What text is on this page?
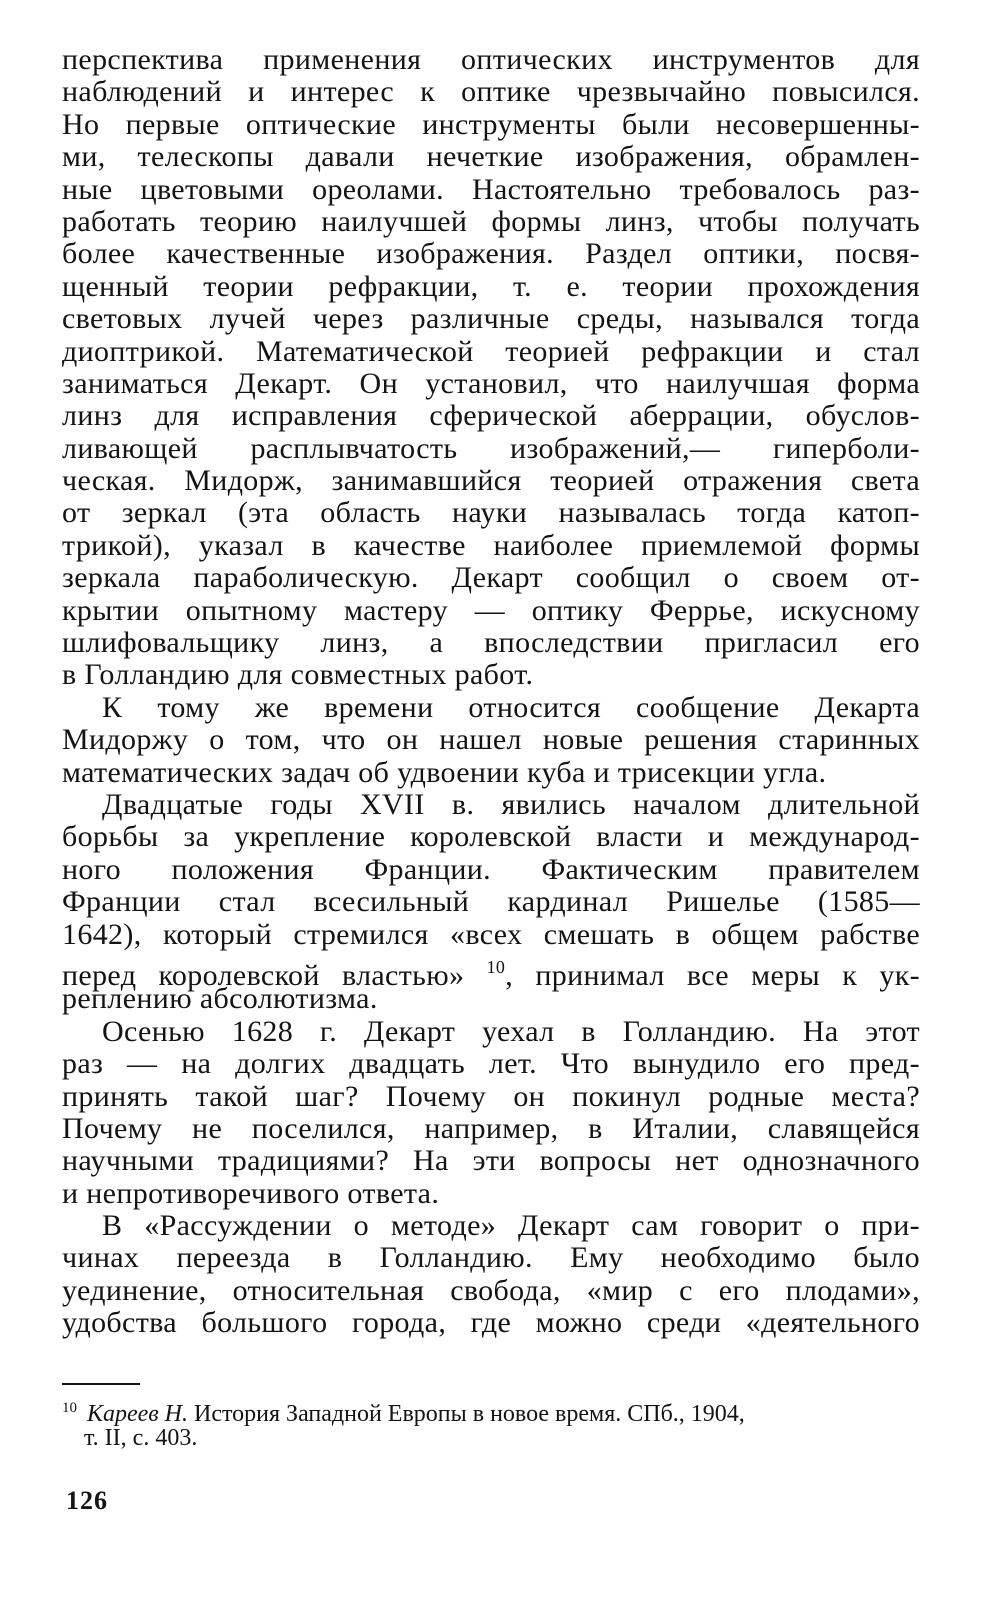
перспектива применения оптических инструментов для
наблюдений и интерес к оптике чрезвычайно повысился.
Но первые оптические инструменты были несовершенны-
ми, телескопы давали нечеткие изображения, обрамлен-
ные цветовыми ореолами. Настоятельно требовалось раз-
работать теорию наилучшей формы линз, чтобы получать
более качественные изображения. Раздел оптики, посвя-
щенный теории рефракции, т. е. теории прохождения
световых лучей через различные среды, назывался тогда
диоптрикой. Математической теорией рефракции и стал
заниматься Декарт. Он установил, что наилучшая форма
линз для исправления сферической аберрации, обуслов-
ливающей расплывчатость изображений,— гиперболи-
ческая. Мидорж, занимавшийся теорией отражения света
от зеркал (эта область науки называлась тогда катоп-
трикой), указал в качестве наиболее приемлемой формы
зеркала параболическую. Декарт сообщил о своем от-
крытии опытному мастеру — оптику Феррье, искусному
шлифовальщику линз, а впоследствии пригласил его
в Голландию для совместных работ.
К тому же времени относится сообщение Декарта
Мидоржу о том, что он нашел новые решения старинных
математических задач об удвоении куба и трисекции угла.
Двадцатые годы XVII в. явились началом длительной
борьбы за укрепление королевской власти и международ-
ного положения Франции. Фактическим правителем
Франции стал всесильный кардинал Ришелье (1585—
1642), который стремился «всех смешать в общем рабстве
перед королевской властью» $^{10}$, принимал все меры к ук-
реплению абсолютизма.
Осенью 1628 г. Декарт уехал в Голландию. На этот
раз — на долгих двадцать лет. Что вынудило его пред-
принять такой шаг? Почему он покинул родные места?
Почему не поселился, например, в Италии, славящейся
научными традициями? На эти вопросы нет однозначного
и непротиворечивого ответа.
В «Рассуждении о методе» Декарт сам говорит о при-
чинах переезда в Голландию. Ему необходимо было
уединение, относительная свобода, «мир с его плодами»,
удобства большого города, где можно среди «деятельного
$^{10}$ Кареев Н. История Западной Европы в новое время. СПб., 1904,
т. II, с. 403.
126
